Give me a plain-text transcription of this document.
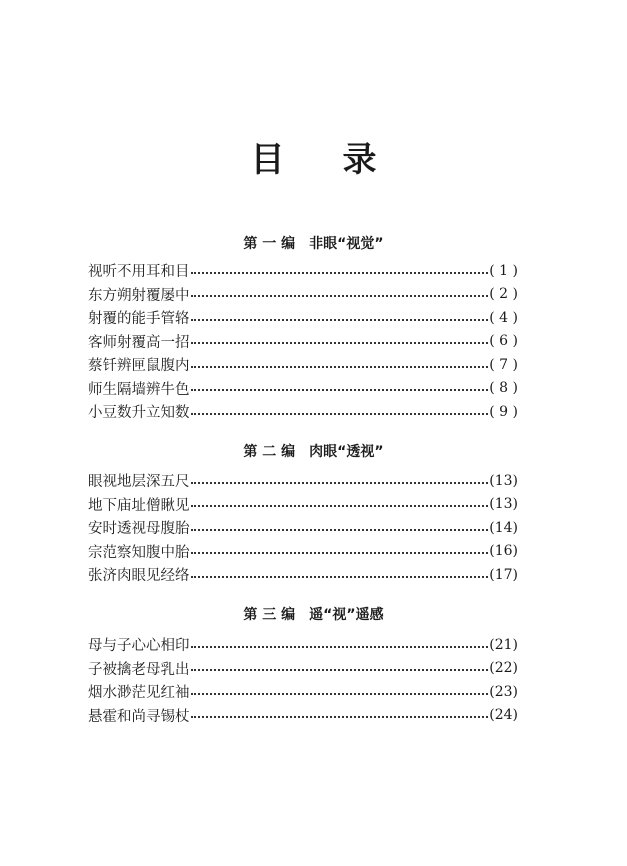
目 录
第 一 编 非眼“视觉”
视听不用耳和目	( 1 )
东方朔射覆屡中	( 2 )
射覆的能手管辂	( 4 )
客师射覆高一招	( 6 )
蔡钎辨匣鼠腹内	( 7 )
师生隔墙辨牛色	( 8 )
小豆数升立知数	( 9 )
第 二 编 肉眼“透视”
眼视地层深五尺	(13)
地下庙址僧瞅见	(13)
安时透视母腹胎	(14)
宗范察知腹中胎	(16)
张济肉眼见经络	(17)
第 三 编 遥“视”遥感
母与子心心相印	(21)
子被擒老母乳出	(22)
烟水渺茫见红袖	(23)
悬霍和尚寻锡杖	(24)
